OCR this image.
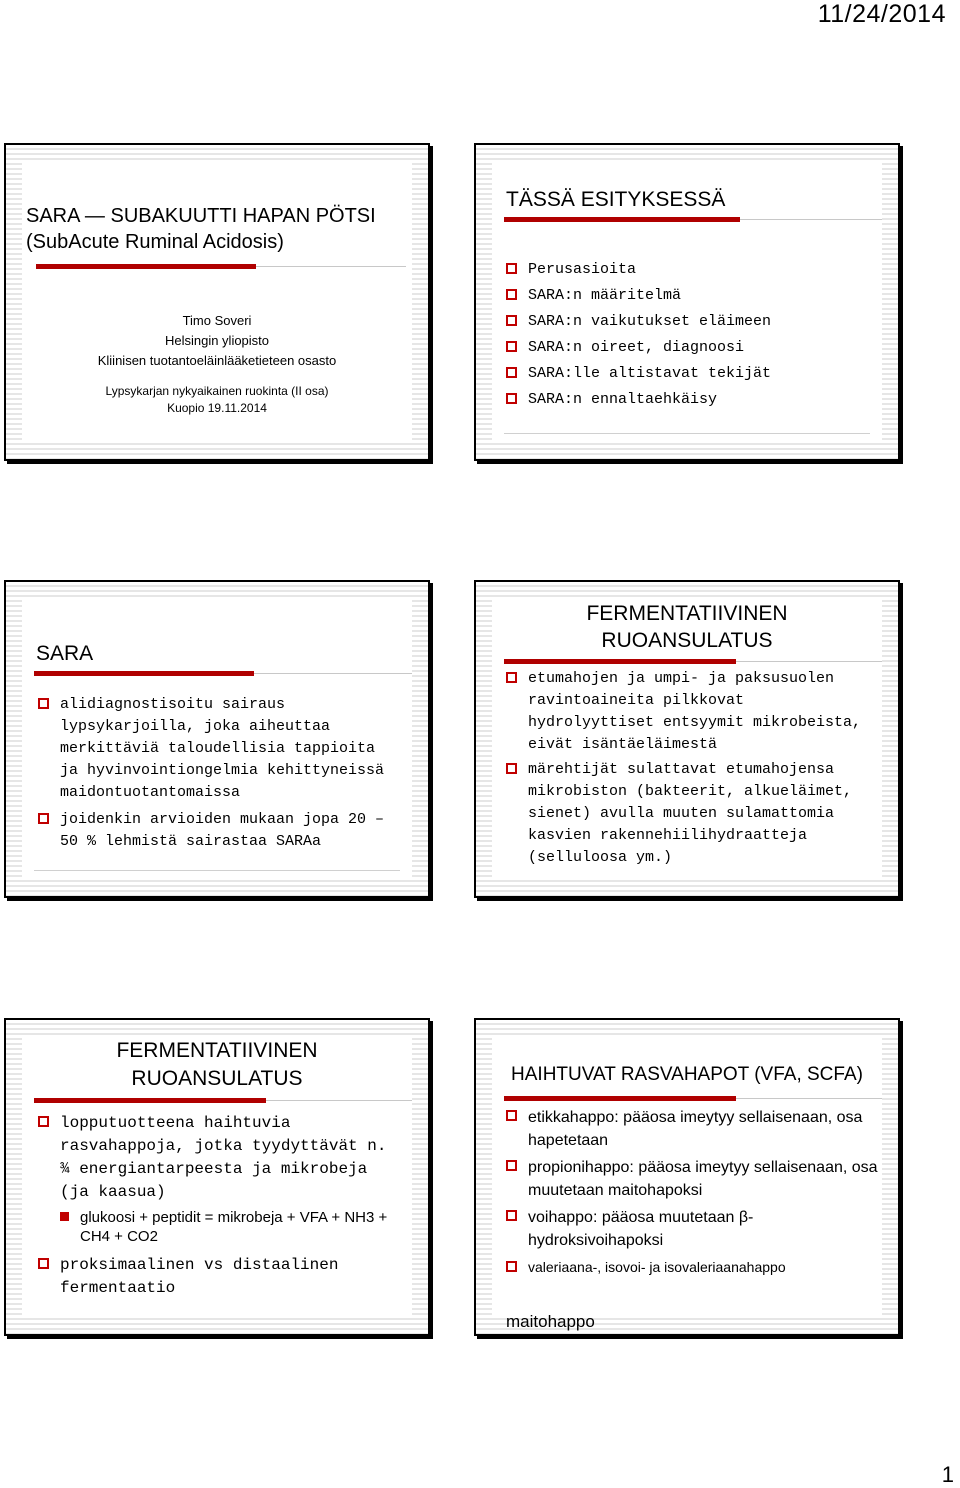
11/24/2014
SARA — SUBAKUUTTI HAPAN PÖTSI
(SubAcute Ruminal Acidosis)
Timo Soveri
Helsingin yliopisto
Kliinisen tuotantoeläinlääketieteen osasto
Lypsykarjan nykyaikainen ruokinta (II osa)
Kuopio 19.11.2014
TÄSSÄ ESITYKSESSÄ
Perusasioita
SARA:n määritelmä
SARA:n vaikutukset eläimeen
SARA:n oireet, diagnoosi
SARA:lle altistavat tekijät
SARA:n ennaltaehkäisy
SARA
alidiagnostisoitu sairaus lypsykarjoilla, joka aiheuttaa merkittäviä taloudellisia tappioita ja hyvinvointiongelmia kehittyneissä maidontuotantomaissa
joidenkin arvioiden mukaan jopa 20 – 50 % lehmistä sairastaa SARAa
FERMENTATIIVINEN
RUOANSULATUS
etumahojen ja umpi- ja paksusuolen ravintoaineita pilkkovat hydrolyyttiset entsyymit mikrobeista, eivät isäntäeläimestä
märehtijät sulattavat etumahojensa mikrobiston (bakteerit, alkueläimet, sienet) avulla muuten sulamattomia kasvien rakennehiilihydraatteja (selluloosa ym.)
FERMENTATIIVINEN
RUOANSULATUS
lopputuotteena haihtuvia rasvahappoja, jotka tyydyttävät n. ¾ energiantarpeesta ja mikrobeja (ja kaasua)
glukoosi + peptidit = mikrobeja + VFA + NH3 + CH4 + CO2
proksimaalinen vs distaalinen fermentaatio
HAIHTUVAT RASVAHAPOT (VFA, SCFA)
etikkahappo: pääosa imeytyy sellaisenaan, osa hapetetaan
propionihappo: pääosa imeytyy sellaisenaan, osa muutetaan maitohapoksi
voihappo: pääosa muutetaan β-hydroksivoihapoksi
valeriaana-, isovoi- ja isovaleriaanahappo
maitohappo
1
